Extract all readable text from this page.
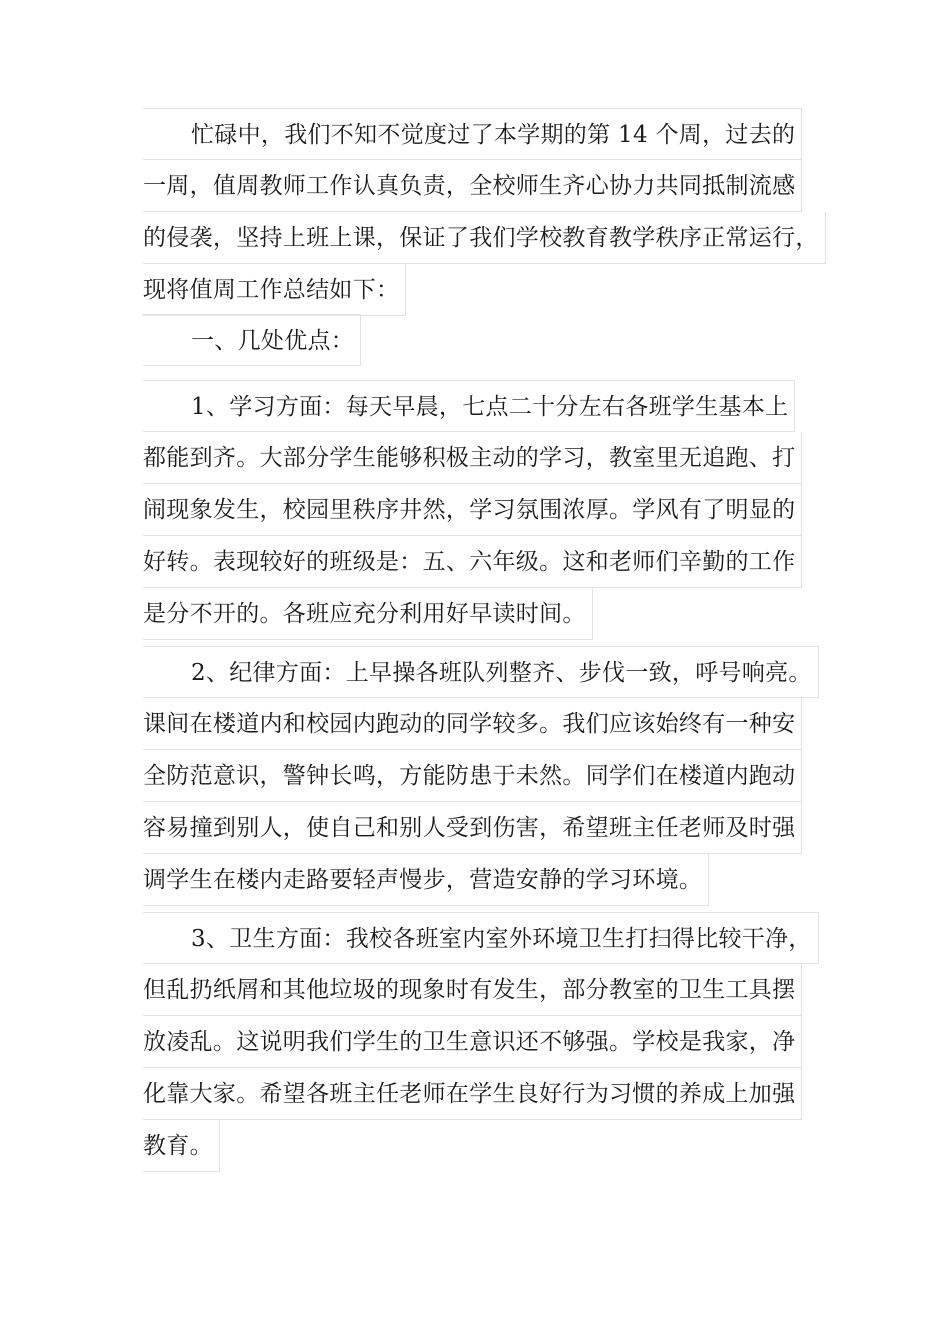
忙碌中，我们不知不觉度过了本学期的第 14 个周，过去的
一周，值周教师工作认真负责，全校师生齐心协力共同抵制流感
的侵袭，坚持上班上课，保证了我们学校教育教学秩序正常运行，
现将值周工作总结如下：
一、几处优点：
1、学习方面：每天早晨，七点二十分左右各班学生基本上
都能到齐。大部分学生能够积极主动的学习，教室里无追跑、打
闹现象发生，校园里秩序井然，学习氛围浓厚。学风有了明显的
好转。表现较好的班级是：五、六年级。这和老师们辛勤的工作
是分不开的。各班应充分利用好早读时间。
2、纪律方面：上早操各班队列整齐、步伐一致，呼号响亮。
课间在楼道内和校园内跑动的同学较多。我们应该始终有一种安
全防范意识，警钟长鸣，方能防患于未然。同学们在楼道内跑动
容易撞到别人，使自己和别人受到伤害，希望班主任老师及时强
调学生在楼内走路要轻声慢步，营造安静的学习环境。
3、卫生方面：我校各班室内室外环境卫生打扫得比较干净，
但乱扔纸屑和其他垃圾的现象时有发生，部分教室的卫生工具摆
放凌乱。这说明我们学生的卫生意识还不够强。学校是我家，净
化靠大家。希望各班主任老师在学生良好行为习惯的养成上加强
教育。
